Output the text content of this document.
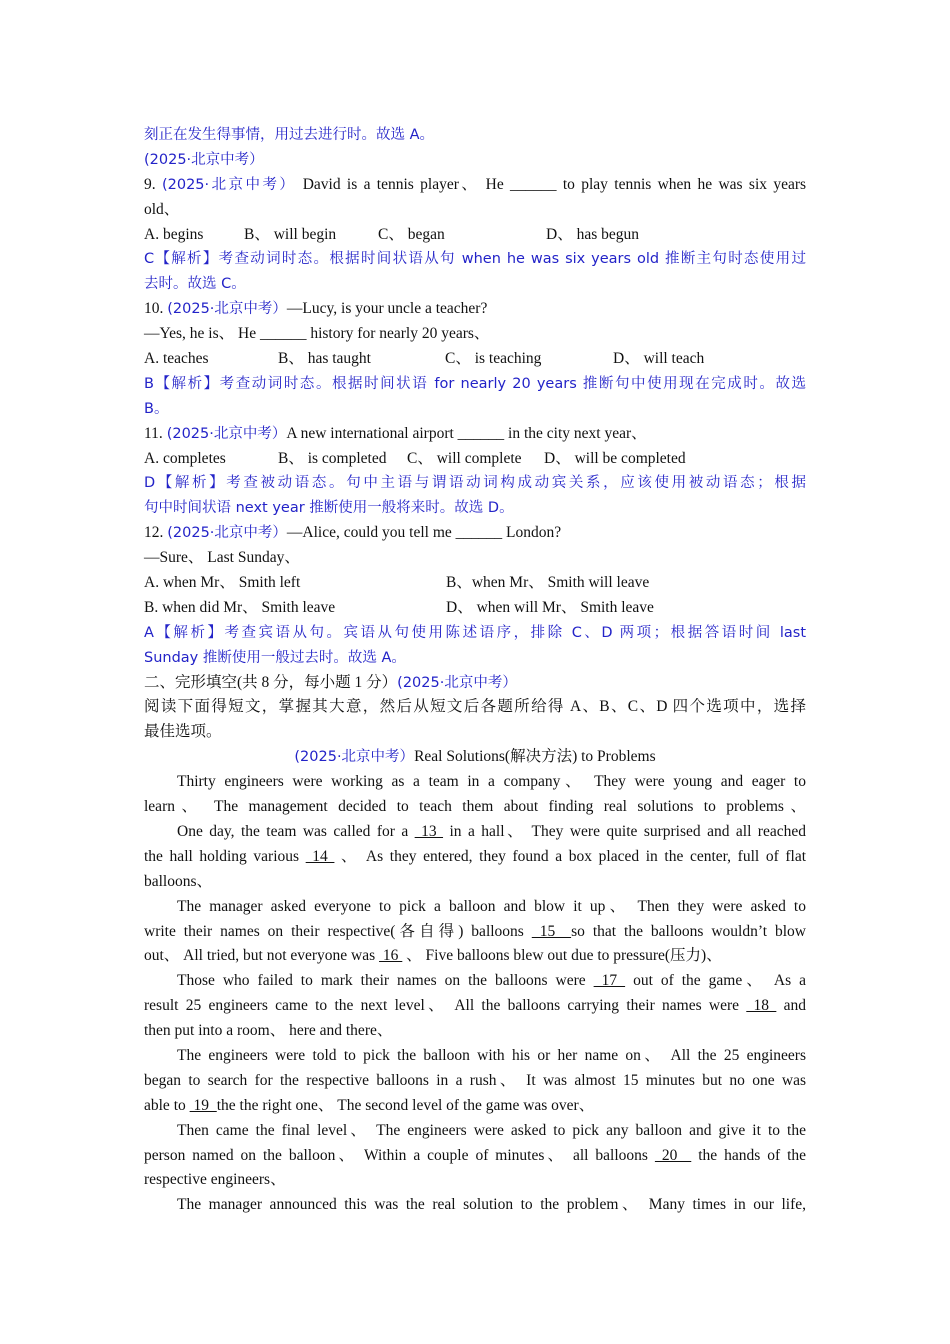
刻正在发生得事情，用过去进行时。故选 A。
(2025·北京中考）
9. (2025·北京中考） David is a tennis player、 He ______ to play tennis when he was six years
old、
A. begins	B、 will begin	C、 began	D、 has begun
C【解析】考查动词时态。根据时间状语从句 when he was six years old 推断主句时态使用过
去时。故选 C。
10. (2025·北京中考）—Lucy, is your uncle a teacher?
—Yes, he is、 He ______ history for nearly 20 years、
A. teaches	B、 has taught	C、 is teaching	D、 will teach
B【解析】考查动词时态。根据时间状语 for nearly 20 years 推断句中使用现在完成时。故选
B。
11. (2025·北京中考）A new international airport ______ in the city next year、
A. completes	B、 is completed C、 will complete D、 will be completed
D【解析】考查被动语态。句中主语与谓语动词构成动宾关系，应该使用被动语态；根据
句中时间状语 next year 推断使用一般将来时。故选 D。
12. (2025·北京中考）—Alice, could you tell me ______ London?
—Sure、 Last Sunday、
A. when Mr、 Smith left	B、when Mr、 Smith will leave
B. when did Mr、 Smith leave	D、 when will Mr、 Smith leave
A【解析】考查宾语从句。宾语从句使用陈述语序，排除 C、D 两项；根据答语时间 last
Sunday 推断使用一般过去时。故选 A。
二、完形填空(共 8 分，每小题 1 分）(2025·北京中考）
阅读下面得短文，掌握其大意，然后从短文后各题所给得 A、B、C、D 四个选项中，选择
最佳选项。
(2025·北京中考）Real Solutions(解决方法) to Problems
Thirty engineers were working as a team in a company、 They were young and eager to
learn、 The management decided to teach them about finding real solutions to problems、
One day, the team was called for a  13  in a hall、 They were quite surprised and all reached
the hall holding various  14  、 As they entered, they found a box placed in the center, full of flat
balloons、
The manager asked everyone to pick a balloon and blow it up、 Then they were asked to
write their names on their respective(各自得) balloons  15  so that the balloons wouldn’t blow
out、 All tried, but not everyone was  16  、 Five balloons blew out due to pressure(压力)、
Those who failed to mark their names on the balloons were  17  out of the game、 As a
result 25 engineers came to the next level、 All the balloons carrying their names were  18  and
then put into a room、 here and there、
The engineers were told to pick the balloon with his or her name on、 All the 25 engineers
began to search for the respective balloons in a rush、 It was almost 15 minutes but no one was
able to  19  the the right one、 The second level of the game was over、
Then came the final level、 The engineers were asked to pick any balloon and give it to the
person named on the balloon、 Within a couple of minutes、 all balloons  20   the hands of the
respective engineers、
The manager announced this was the real solution to the problem、 Many times in our life,
